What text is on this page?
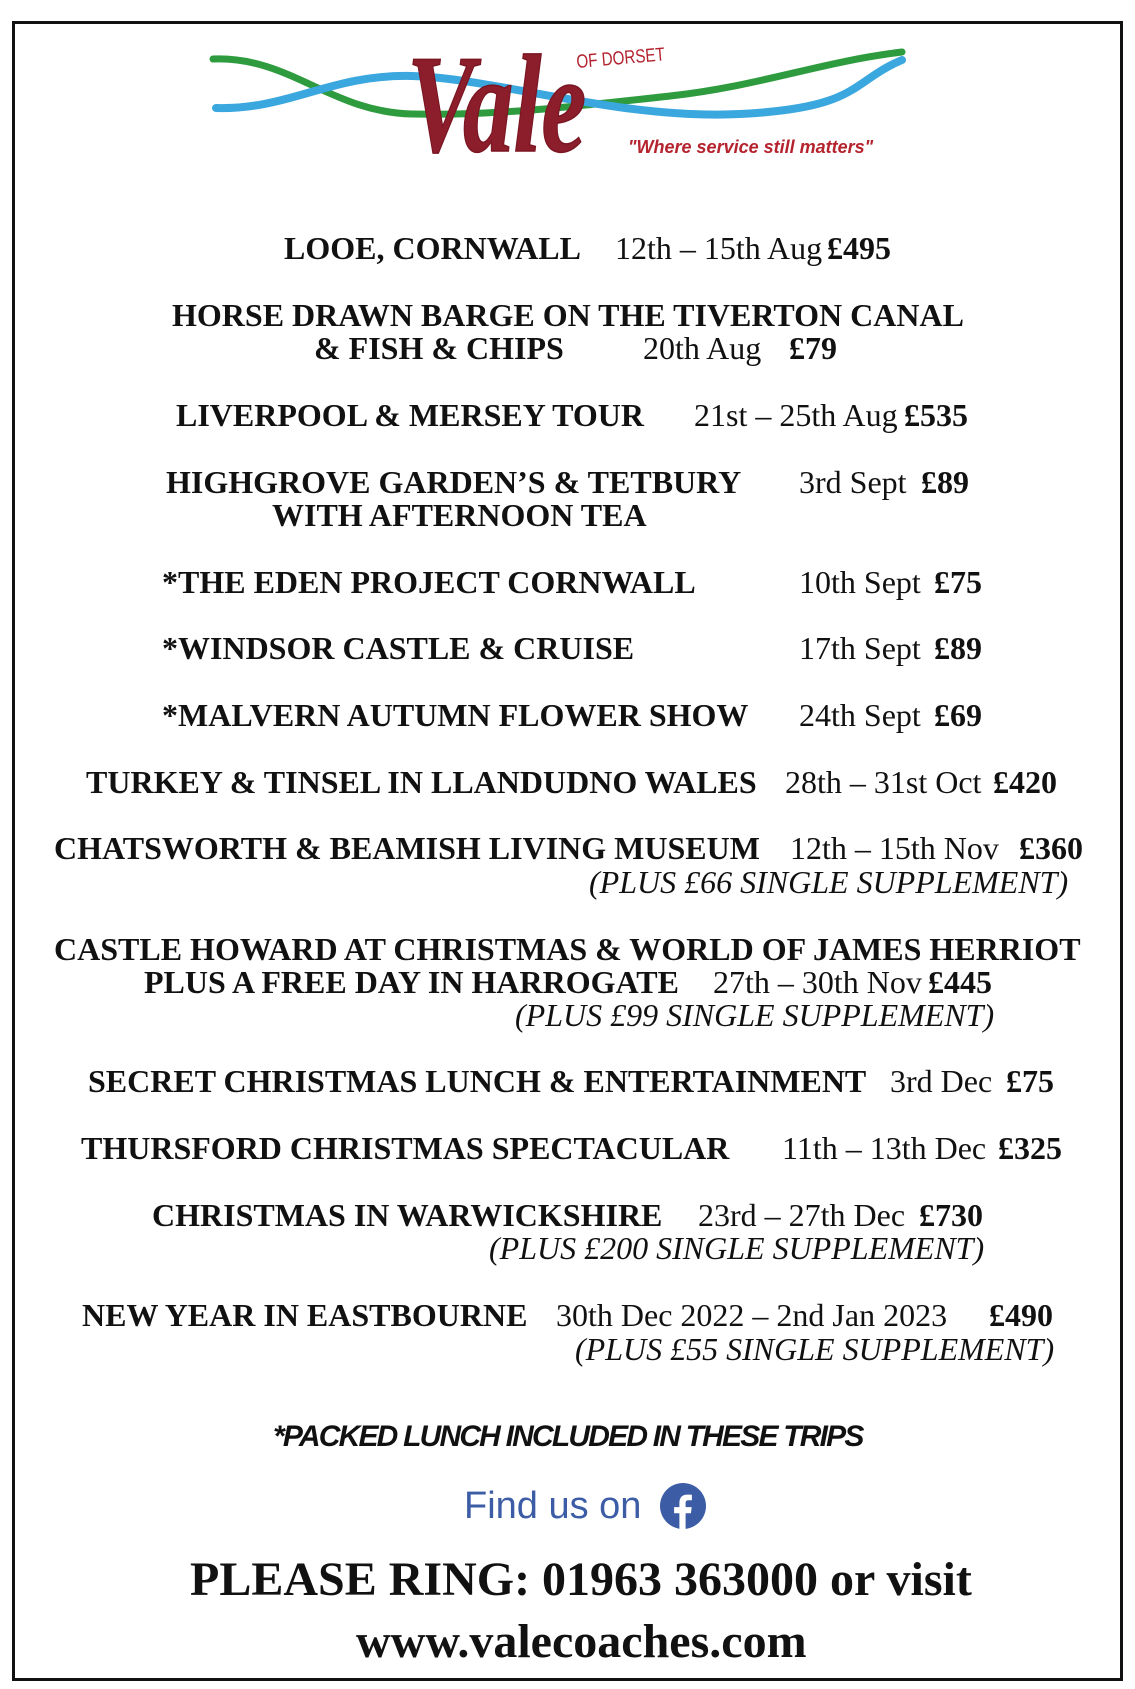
Vale
OF DORSET
"Where service still matters"
LOOE, CORNWALL 12th – 15th Aug £495
HORSE DRAWN BARGE ON THE TIVERTON CANAL
& FISH & CHIPS 20th Aug £79
LIVERPOOL & MERSEY TOUR 21st – 25th Aug £535
HIGHGROVE GARDEN’S & TETBURY 3rd Sept £89
WITH AFTERNOON TEA
*THE EDEN PROJECT CORNWALL	10th Sept £75
*WINDSOR CASTLE & CRUISE	17th Sept £89
*MALVERN AUTUMN FLOWER SHOW 24th Sept £69
TURKEY & TINSEL IN LLANDUDNO WALES 28th – 31st Oct £420
CHATSWORTH & BEAMISH LIVING MUSEUM 12th – 15th Nov £360
(PLUS £66 SINGLE SUPPLEMENT)
CASTLE HOWARD AT CHRISTMAS & WORLD OF JAMES HERRIOT
PLUS A FREE DAY IN HARROGATE 27th – 30th Nov £445
(PLUS £99 SINGLE SUPPLEMENT)
SECRET CHRISTMAS LUNCH & ENTERTAINMENT 3rd Dec £75
THURSFORD CHRISTMAS SPECTACULAR 11th – 13th Dec £325
CHRISTMAS IN WARWICKSHIRE 23rd – 27th Dec £730
(PLUS £200 SINGLE SUPPLEMENT)
NEW YEAR IN EASTBOURNE 30th Dec 2022 – 2nd Jan 2023 £490
(PLUS £55 SINGLE SUPPLEMENT)
*PACKED LUNCH INCLUDED IN THESE TRIPS
Find us on
PLEASE RING: 01963 363000 or visit
www.valecoaches.com
